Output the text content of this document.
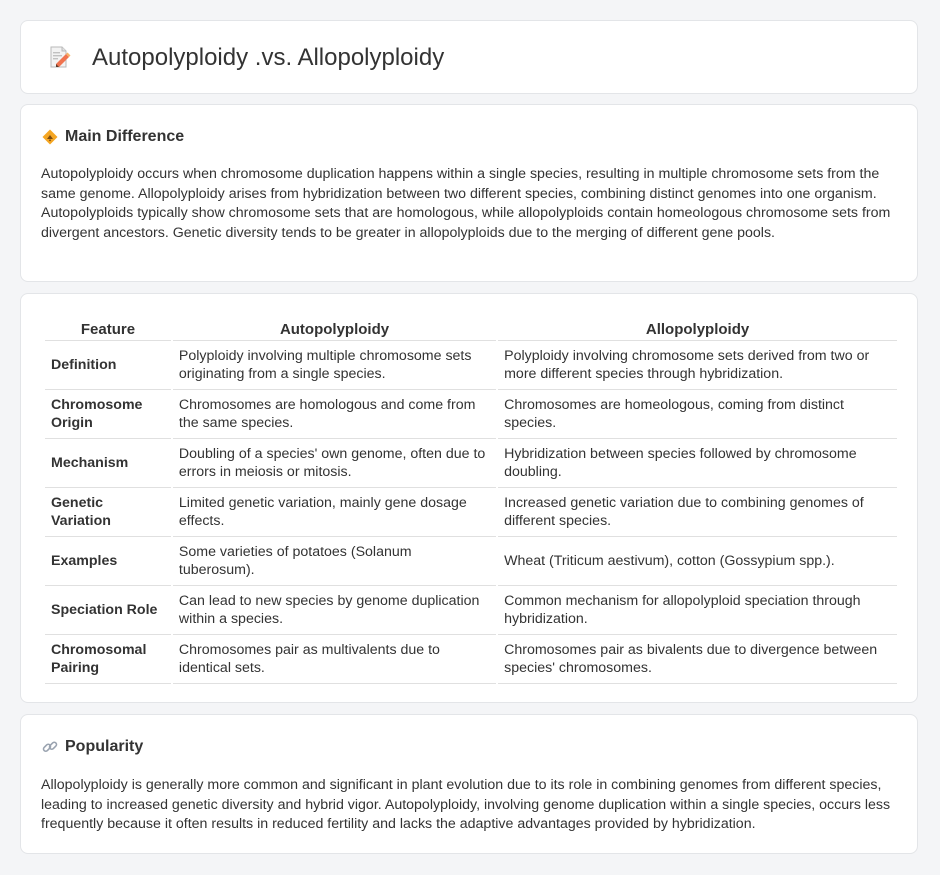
Autopolyploidy .vs. Allopolyploidy
Main Difference

Autopolyploidy occurs when chromosome duplication happens within a single species, resulting in multiple chromosome sets from the same genome. Allopolyploidy arises from hybridization between two different species, combining distinct genomes into one organism. Autopolyploids typically show chromosome sets that are homologous, while allopolyploids contain homeologous chromosome sets from divergent ancestors. Genetic diversity tends to be greater in allopolyploids due to the merging of different gene pools.

Feature	Autopolyploidy	Allopolyploidy
Definition	Polyploidy involving multiple chromosome sets originating from a single species.	Polyploidy involving chromosome sets derived from two or more different species through hybridization.
Chromosome Origin	Chromosomes are homologous and come from the same species.	Chromosomes are homeologous, coming from distinct species.
Mechanism	Doubling of a species' own genome, often due to errors in meiosis or mitosis.	Hybridization between species followed by chromosome doubling.
Genetic Variation	Limited genetic variation, mainly gene dosage effects.	Increased genetic variation due to combining genomes of different species.
Examples	Some varieties of potatoes (Solanum tuberosum).	Wheat (Triticum aestivum), cotton (Gossypium spp.).
Speciation Role	Can lead to new species by genome duplication within a species.	Common mechanism for allopolyploid speciation through hybridization.
Chromosomal Pairing	Chromosomes pair as multivalents due to identical sets.	Chromosomes pair as bivalents due to divergence between species' chromosomes.
Popularity

Allopolyploidy is generally more common and significant in plant evolution due to its role in combining genomes from different species, leading to increased genetic diversity and hybrid vigor. Autopolyploidy, involving genome duplication within a single species, occurs less frequently because it often results in reduced fertility and lacks the adaptive advantages provided by hybridization.
